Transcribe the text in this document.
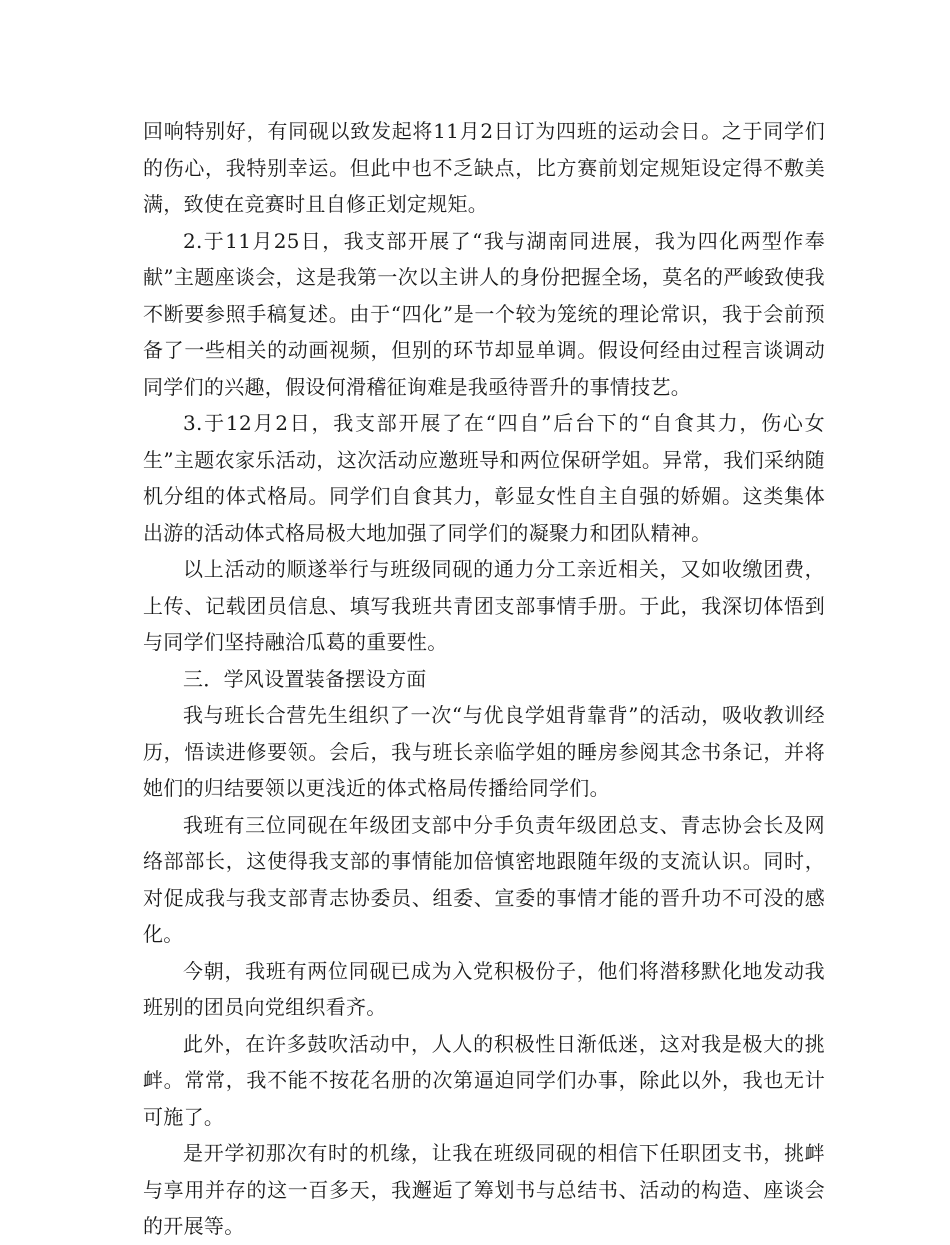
回响特别好，有同砚以致发起将11月2日订为四班的运动会日。之于同学们的伤心，我特别幸运。但此中也不乏缺点，比方赛前划定规矩设定得不敷美满，致使在竞赛时且自修正划定规矩。

2.于11月25日，我支部开展了“我与湖南同进展，我为四化两型作奉献”主题座谈会，这是我第一次以主讲人的身份把握全场，莫名的严峻致使我不断要参照手稿复述。由于“四化”是一个较为笼统的理论常识，我于会前预备了一些相关的动画视频，但别的环节却显单调。假设何经由过程言谈调动同学们的兴趣，假设何滑稽征询难是我亟待晋升的事情技艺。

3.于12月2日，我支部开展了在“四自”后台下的“自食其力，伤心女生”主题农家乐活动，这次活动应邀班导和两位保研学姐。异常，我们采纳随机分组的体式格局。同学们自食其力，彰显女性自主自强的娇媚。这类集体出游的活动体式格局极大地加强了同学们的凝聚力和团队精神。

以上活动的顺遂举行与班级同砚的通力分工亲近相关，又如收缴团费，上传、记载团员信息、填写我班共青团支部事情手册。于此，我深切体悟到与同学们坚持融洽瓜葛的重要性。

三．学风设置装备摆设方面

我与班长合营先生组织了一次“与优良学姐背靠背”的活动，吸收教训经历，悟读进修要领。会后，我与班长亲临学姐的睡房参阅其念书条记，并将她们的归结要领以更浅近的体式格局传播给同学们。

我班有三位同砚在年级团支部中分手负责年级团总支、青志协会长及网络部部长，这使得我支部的事情能加倍慎密地跟随年级的支流认识。同时，对促成我与我支部青志协委员、组委、宣委的事情才能的晋升功不可没的感化。

今朝，我班有两位同砚已成为入党积极份子，他们将潜移默化地发动我班别的团员向党组织看齐。

此外，在许多鼓吹活动中，人人的积极性日渐低迷，这对我是极大的挑衅。常常，我不能不按花名册的次第逼迫同学们办事，除此以外，我也无计可施了。

是开学初那次有时的机缘，让我在班级同砚的相信下任职团支书，挑衅与享用并存的这一百多天，我邂逅了筹划书与总结书、活动的构造、座谈会的开展等。
